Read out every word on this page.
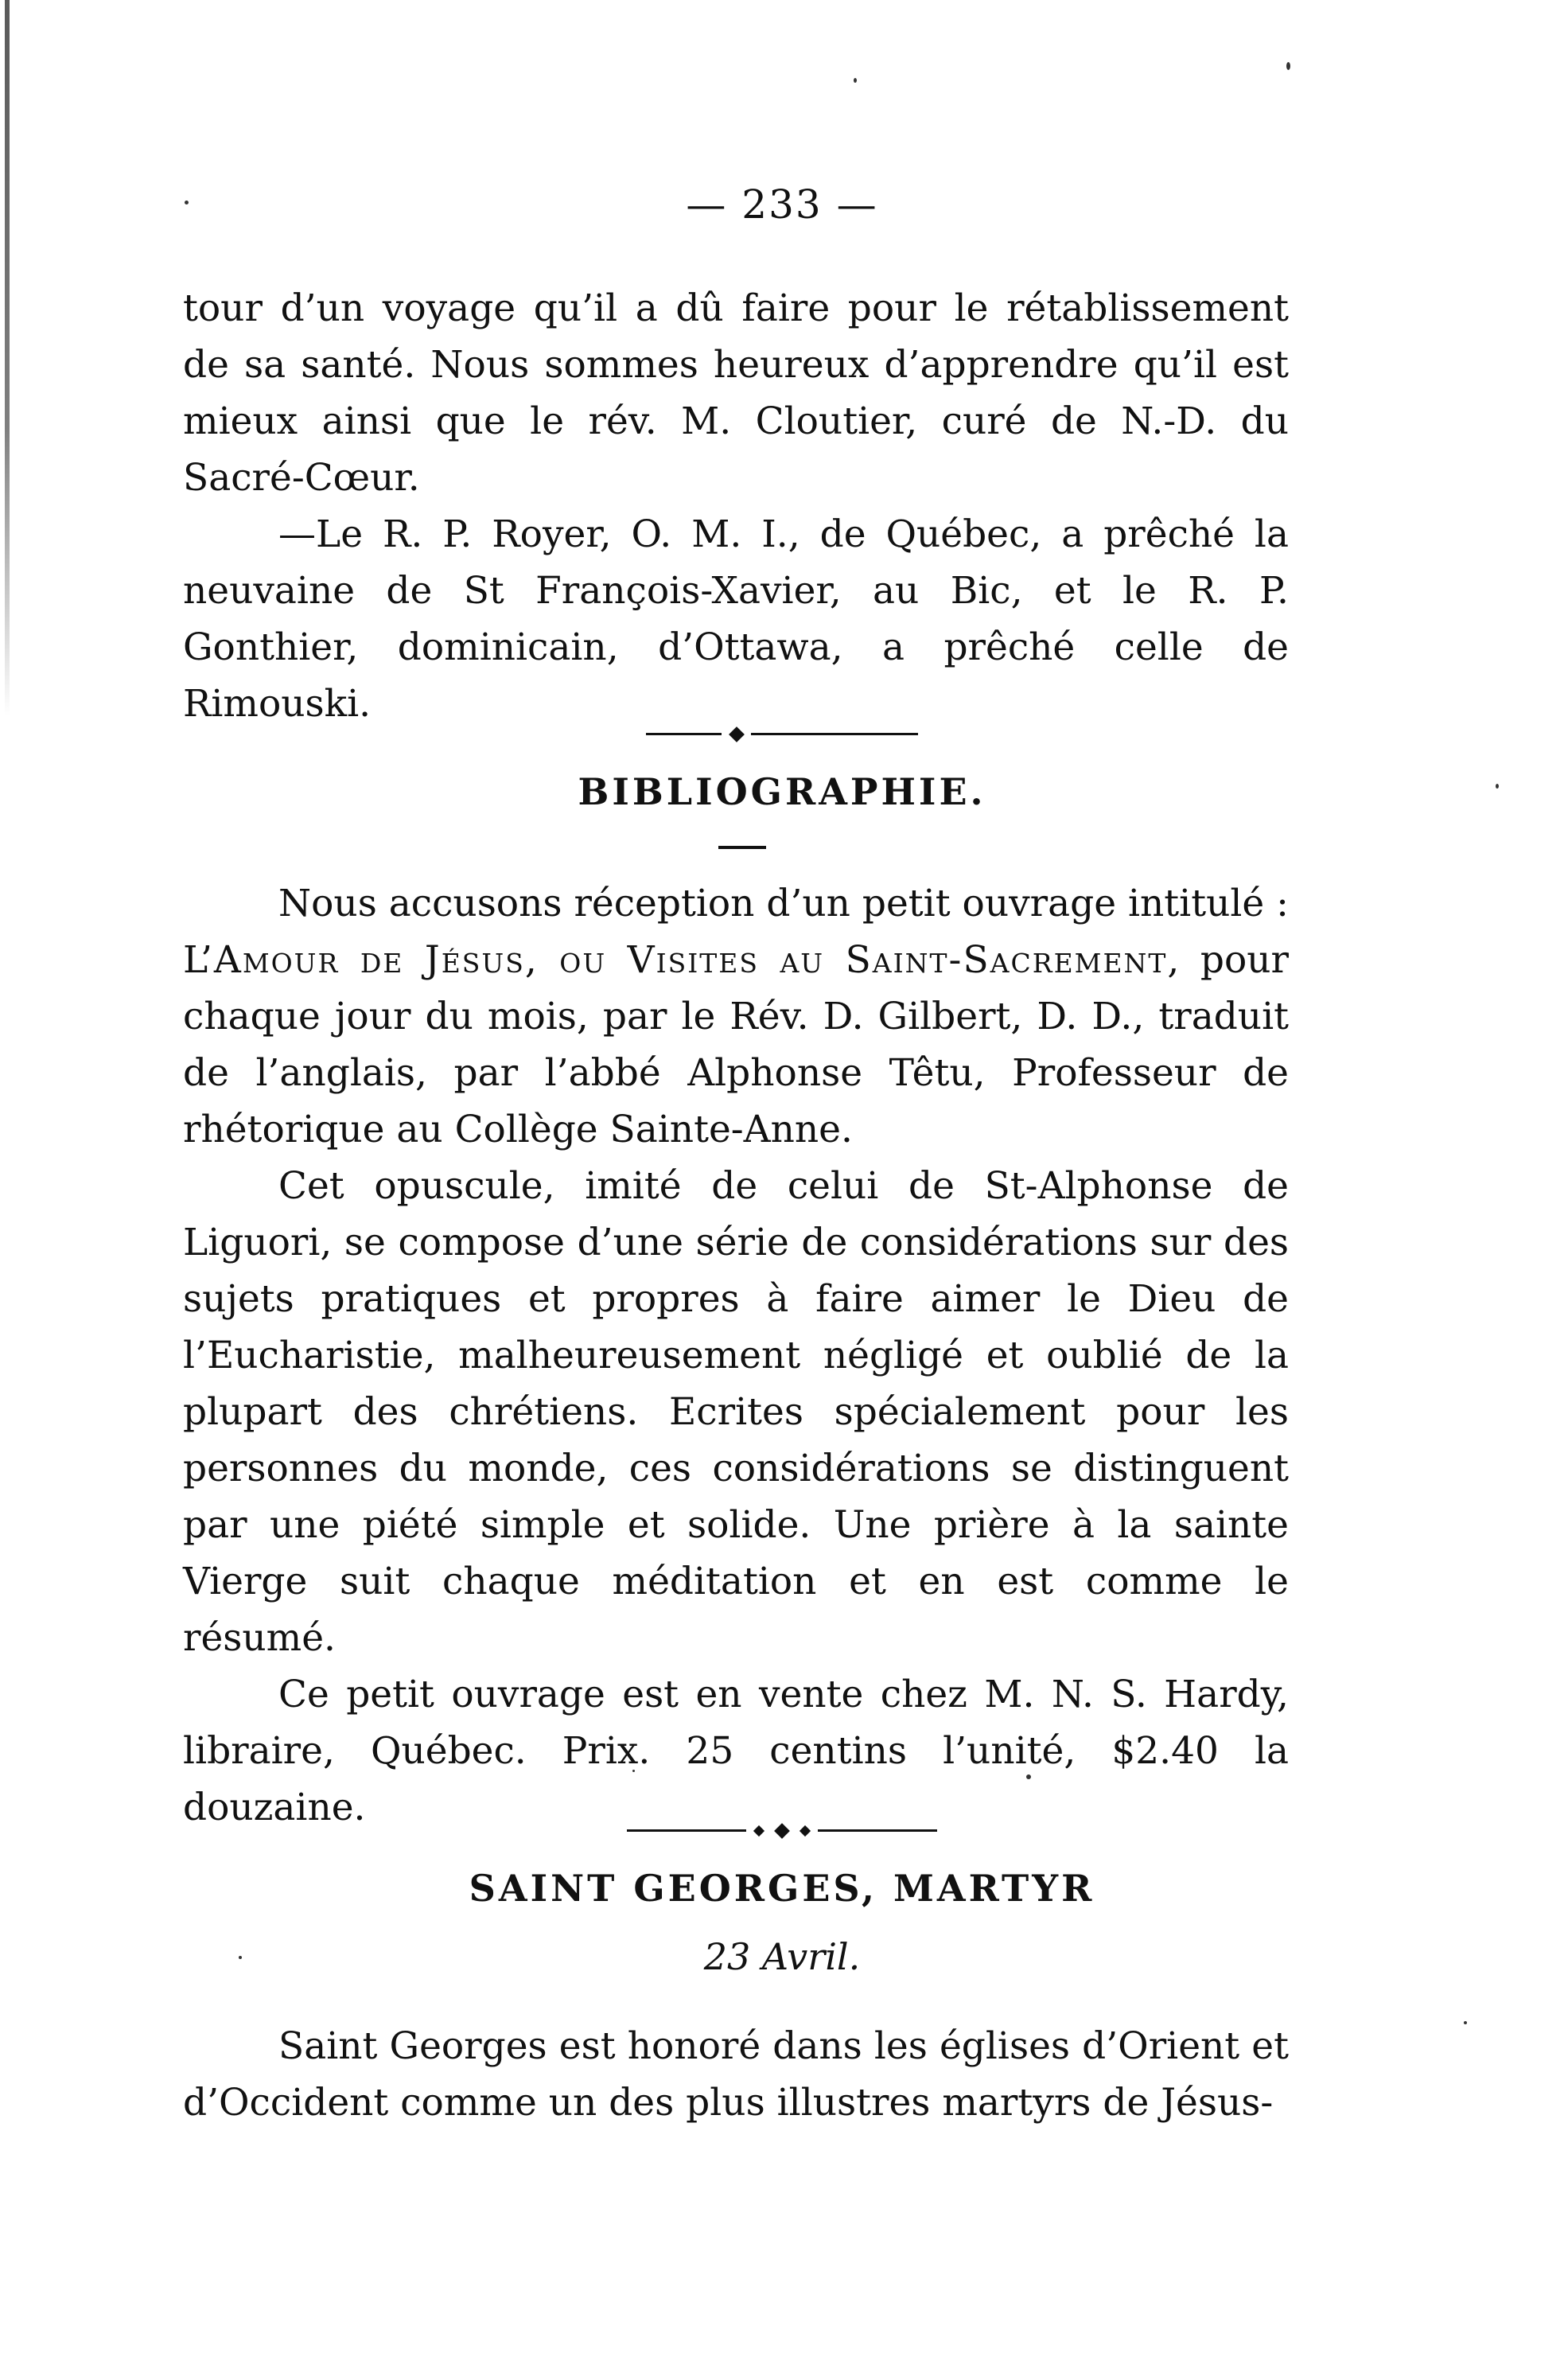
— 233 —

tour d’un voyage qu’il a dû faire pour le rétablissement de sa santé. Nous sommes heureux d’apprendre qu’il est mieux ainsi que le rév. M. Cloutier, curé de N.-D. du Sacré-Cœur.

—Le R. P. Royer, O. M. I., de Québec, a prêché la neuvaine de St François-Xavier, au Bic, et le R. P. Gonthier, dominicain, d’Ottawa, a prêché celle de Rimouski.

BIBLIOGRAPHIE.

Nous accusons réception d’un petit ouvrage intitulé : L’Amour de Jésus, ou Visites au Saint-Sacrement, pour chaque jour du mois, par le Rév. D. Gilbert, D. D., traduit de l’anglais, par l’abbé Alphonse Têtu, Professeur de rhétorique au Collège Sainte-Anne.

Cet opuscule, imité de celui de St-Alphonse de Liguori, se compose d’une série de considérations sur des sujets pratiques et propres à faire aimer le Dieu de l’Eucharistie, malheureusement négligé et oublié de la plupart des chrétiens. Ecrites spécialement pour les personnes du monde, ces considérations se distinguent par une piété simple et solide. Une prière à la sainte Vierge suit chaque méditation et en est comme le résumé.

Ce petit ouvrage est en vente chez M. N. S. Hardy, libraire, Québec. Prix. 25 centins l’unité, $2.40 la douzaine.

SAINT GEORGES, MARTYR
23 Avril.

Saint Georges est honoré dans les églises d’Orient et d’Occident comme un des plus illustres martyrs de Jésus-
